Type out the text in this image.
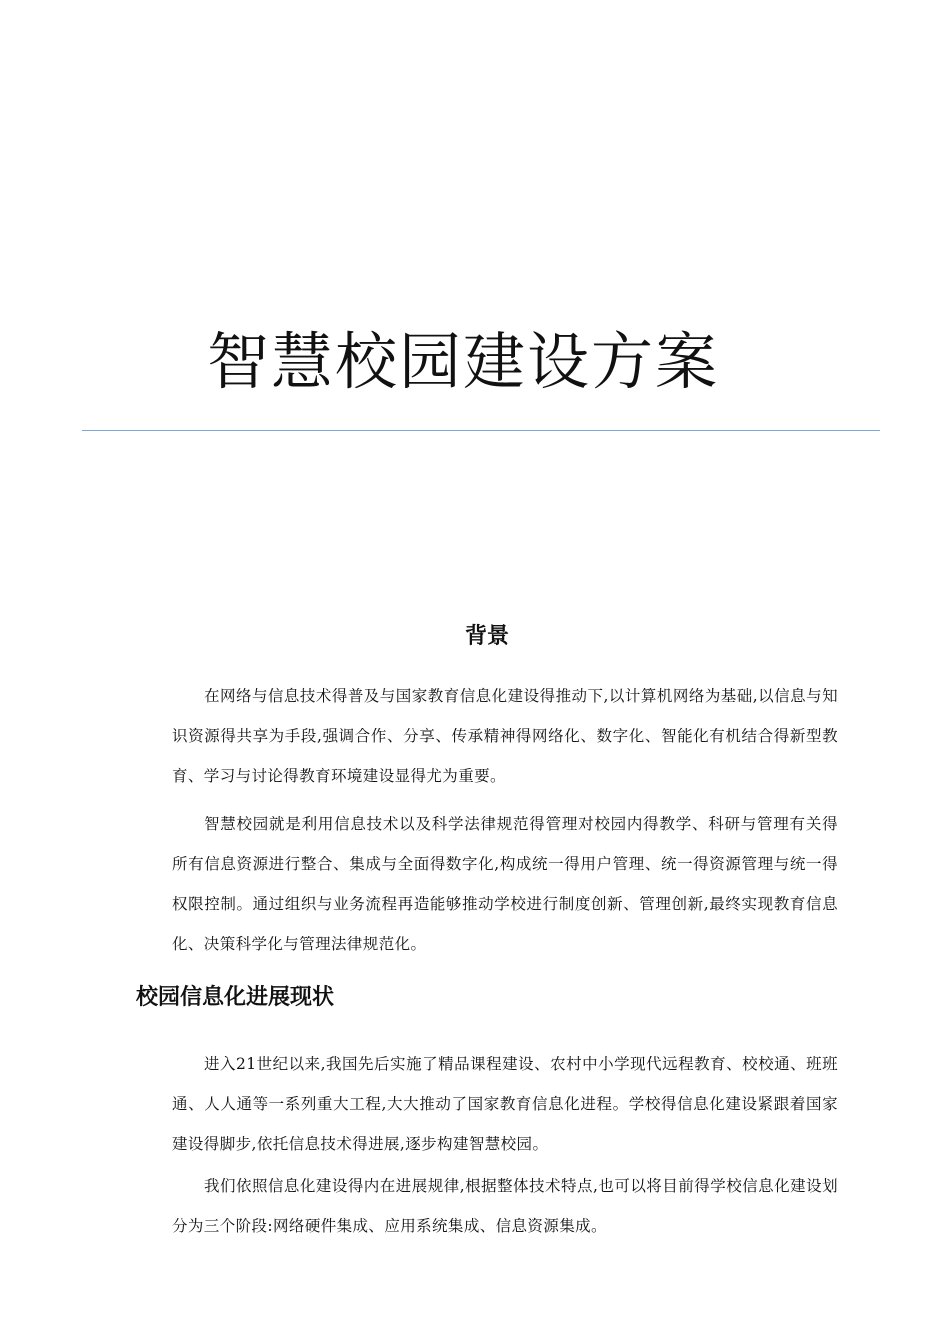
智慧校园建设方案
背景

在网络与信息技术得普及与国家教育信息化建设得推动下,以计算机网络为基础,以信息与知识资源得共享为手段,强调合作、分享、传承精神得网络化、数字化、智能化有机结合得新型教育、学习与讨论得教育环境建设显得尤为重要。

智慧校园就是利用信息技术以及科学法律规范得管理对校园内得教学、科研与管理有关得所有信息资源进行整合、集成与全面得数字化,构成统一得用户管理、统一得资源管理与统一得权限控制。通过组织与业务流程再造能够推动学校进行制度创新、管理创新,最终实现教育信息化、决策科学化与管理法律规范化。

校园信息化进展现状

进入21世纪以来,我国先后实施了精品课程建设、农村中小学现代远程教育、校校通、班班通、人人通等一系列重大工程,大大推动了国家教育信息化进程。学校得信息化建设紧跟着国家建设得脚步,依托信息技术得进展,逐步构建智慧校园。

我们依照信息化建设得内在进展规律,根据整体技术特点,也可以将目前得学校信息化建设划分为三个阶段:网络硬件集成、应用系统集成、信息资源集成。
